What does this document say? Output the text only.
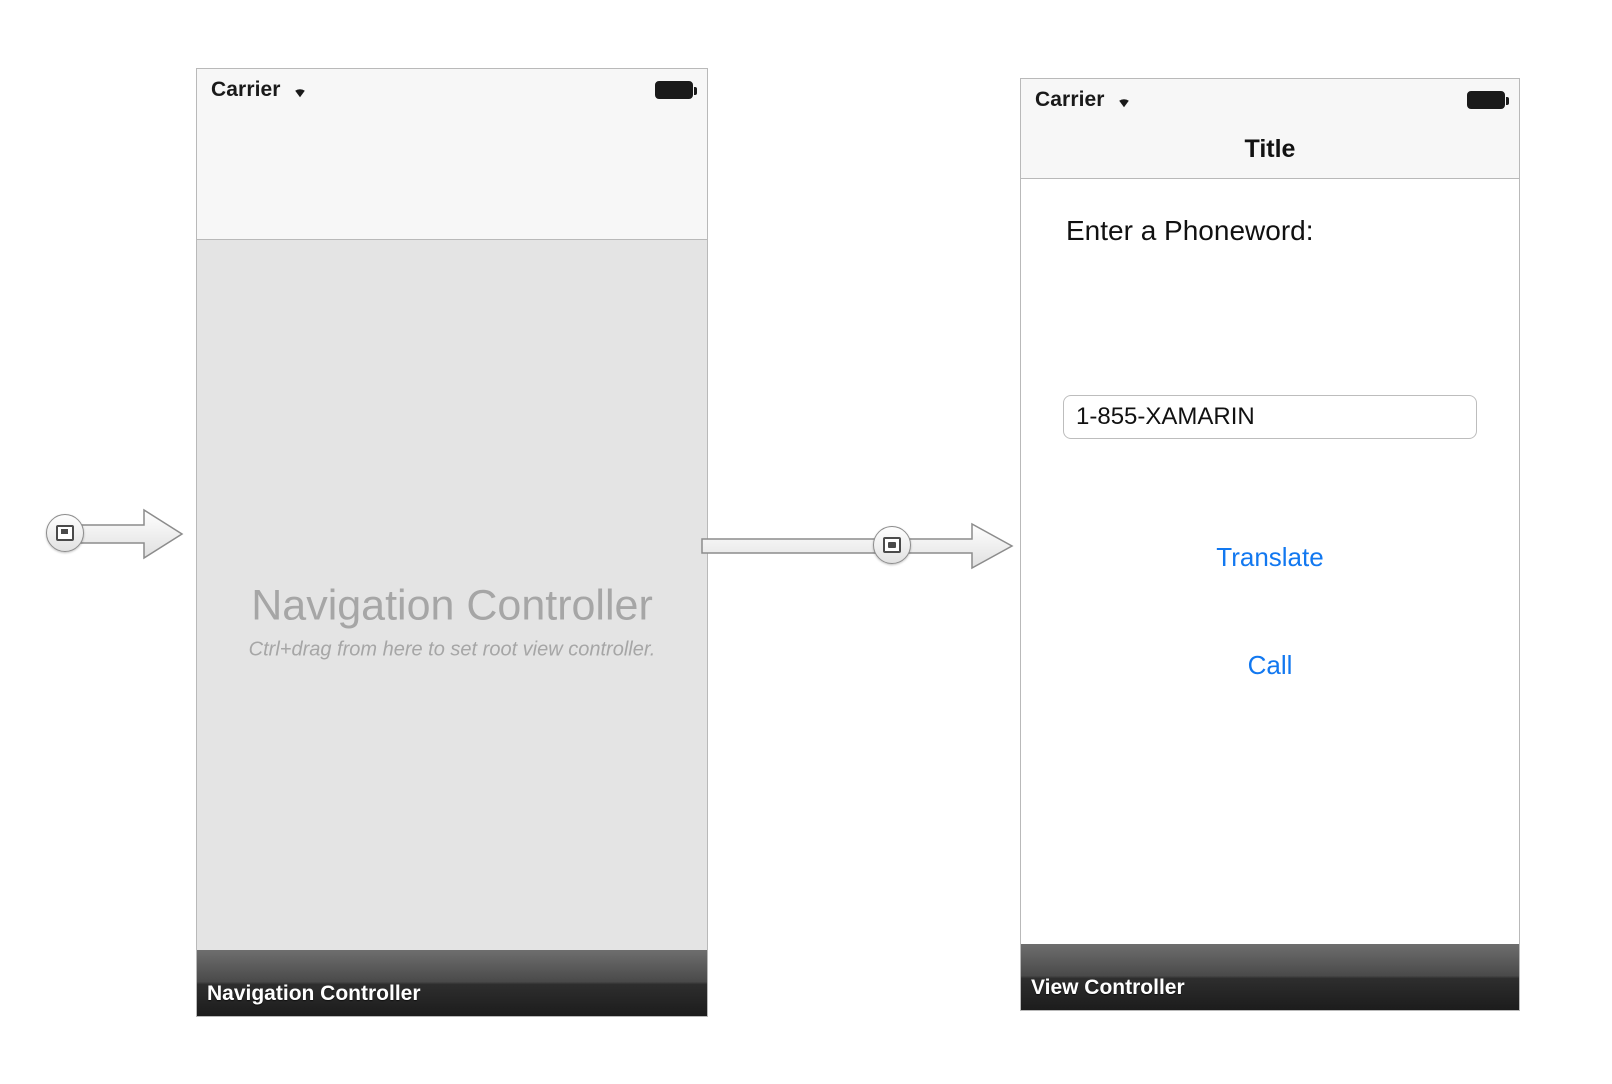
Carrier
Navigation Controller
Ctrl+drag from here to set root view controller.
Navigation Controller
Carrier
Title
Enter a Phoneword:
1-855-XAMARIN
Translate
Call
View Controller
